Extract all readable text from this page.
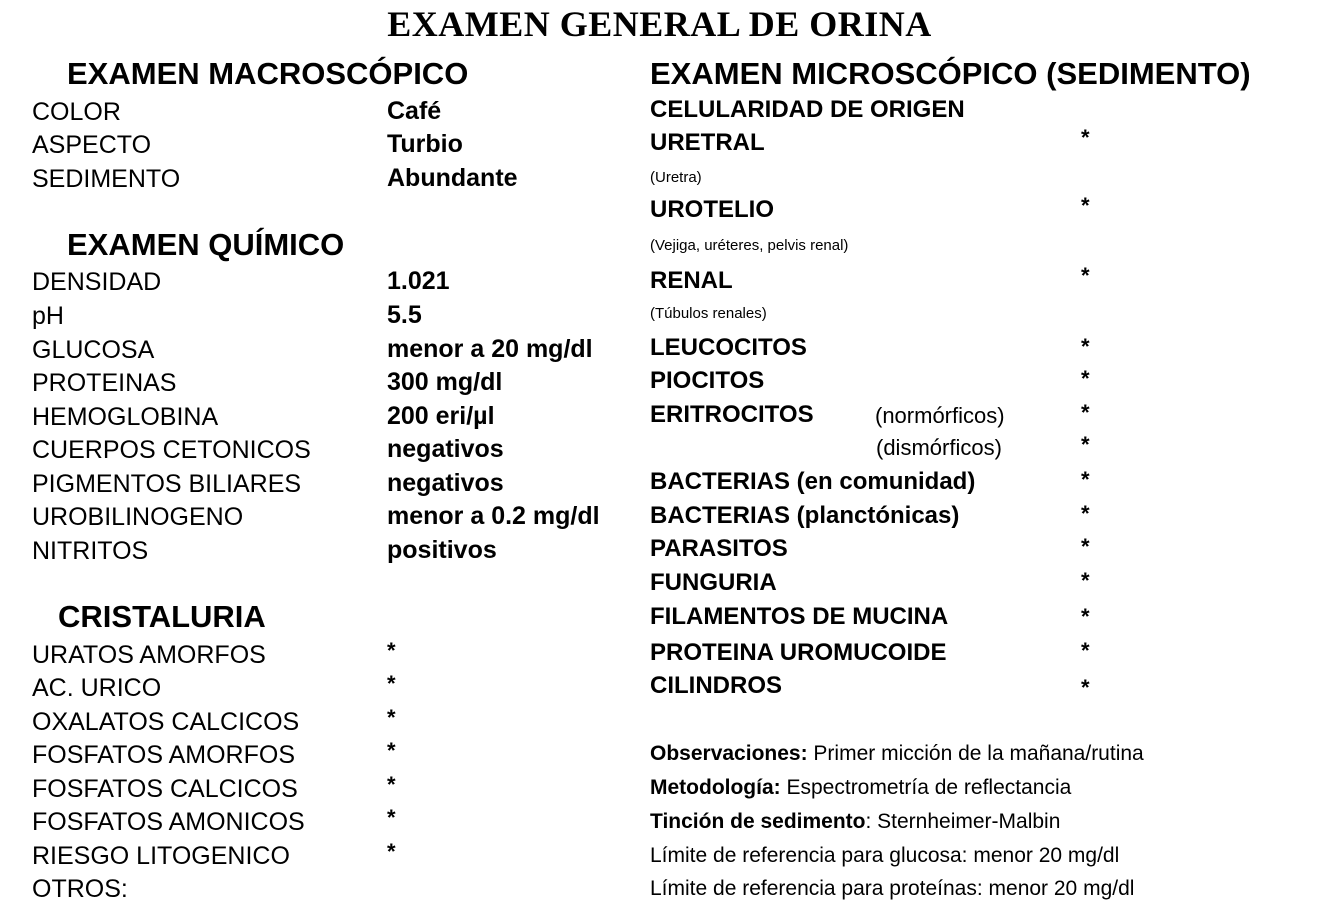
EXAMEN GENERAL DE ORINA
EXAMEN MACROSCÓPICO
COLOR	Café
ASPECTO	Turbio
SEDIMENTO	Abundante
EXAMEN QUÍMICO
DENSIDAD	1.021
pH	5.5
GLUCOSA	menor a 20 mg/dl
PROTEINAS	300 mg/dl
HEMOGLOBINA	200 eri/µl
CUERPOS CETONICOS	negativos
PIGMENTOS BILIARES	negativos
UROBILINOGENO	menor a 0.2 mg/dl
NITRITOS	positivos
CRISTALURIA
URATOS AMORFOS	*
AC. URICO	*
OXALATOS CALCICOS	*
FOSFATOS AMORFOS	*
FOSFATOS CALCICOS	*
FOSFATOS AMONICOS	*
RIESGO LITOGENICO	*
OTROS:
EXAMEN MICROSCÓPICO (SEDIMENTO)
CELULARIDAD DE ORIGEN
URETRAL	*
(Uretra)
UROTELIO	*
(Vejiga, uréteres, pelvis renal)
RENAL	*
(Túbulos renales)
LEUCOCITOS	*
PIOCITOS	*
ERITROCITOS	(normórficos)	*
(dismórficos)	*
BACTERIAS (en comunidad)	*
BACTERIAS (planctónicas)	*
PARASITOS	*
FUNGURIA	*
FILAMENTOS DE MUCINA	*
PROTEINA UROMUCOIDE	*
CILINDROS	*
Observaciones: Primer micción de la mañana/rutina
Metodología: Espectrometría de reflectancia
Tinción de sedimento: Sternheimer-Malbin
Límite de referencia para glucosa: menor 20 mg/dl
Límite de referencia para proteínas: menor 20 mg/dl
